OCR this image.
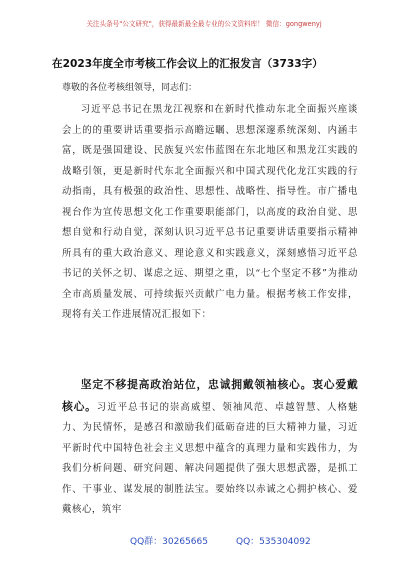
关注头条号"公文研究"，获得最新最全最专业的公文资料库！ 微信：gongwenyj
在2023年度全市考核工作会议上的汇报发言（3733字）
尊敬的各位考核组领导，同志们：
习近平总书记在黑龙江视察和在新时代推动东北全面振兴座谈会上的的重要讲话重要指示高瞻远瞩、思想深邃系统深刻、内涵丰富，既是强国建设、民族复兴宏伟蓝图在东北地区和黑龙江实践的战略引领，更是新时代东北全面振兴和中国式现代化龙江实践的行动指南，具有极强的政治性、思想性、战略性、指导性。市广播电视台作为宣传思想文化工作重要职能部门，以高度的政治自觉、思想自觉和行动自觉，深刻认识习近平总书记重要讲话重要指示精神所具有的重大政治意义、理论意义和实践意义，深刻感悟习近平总书记的关怀之切、谋虑之远、期望之重，以“七个坚定不移”为推动全市高质量发展、可持续振兴贡献广电力量。根据考核工作安排，现将有关工作进展情况汇报如下：
坚定不移提高政治站位，忠诚拥戴领袖核心。衷心爱戴核心。习近平总书记的崇高威望、领袖风范、卓越智慧、人格魅力、为民情怀，是感召和激励我们砥砺奋进的巨大精神力量，习近平新时代中国特色社会主义思想中蕴含的真理力量和实践伟力，为我们分析问题、研究问题、解决问题提供了强大思想武器，是抓工作、干事业、谋发展的制胜法宝。要始终以赤诚之心拥护核心、爱戴核心，筑牢
QQ群：30265665	QQ：535304092
